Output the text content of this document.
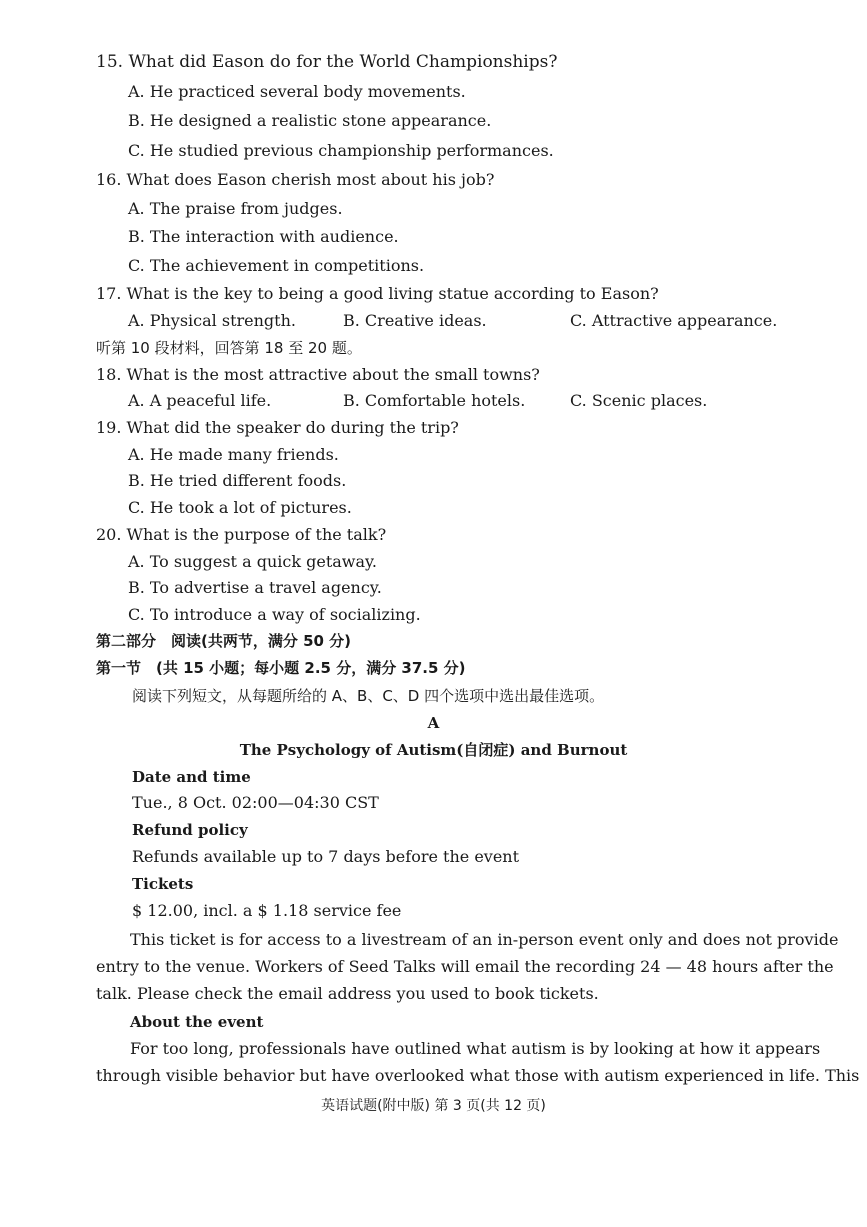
15. What did Eason do for the World Championships?
A. He practiced several body movements.
B. He designed a realistic stone appearance.
C. He studied previous championship performances.
16. What does Eason cherish most about his job?
A. The praise from judges.
B. The interaction with audience.
C. The achievement in competitions.
17. What is the key to being a good living statue according to Eason?
A. Physical strength.	B. Creative ideas.	C. Attractive appearance.
听第 10 段材料，回答第 18 至 20 题。
18. What is the most attractive about the small towns?
A. A peaceful life.	B. Comfortable hotels.	C. Scenic places.
19. What did the speaker do during the trip?
A. He made many friends.
B. He tried different foods.
C. He took a lot of pictures.
20. What is the purpose of the talk?
A. To suggest a quick getaway.
B. To advertise a travel agency.
C. To introduce a way of socializing.
第二部分　阅读(共两节，满分 50 分)
第一节　(共 15 小题；每小题 2.5 分，满分 37.5 分)
阅读下列短文，从每题所给的 A、B、C、D 四个选项中选出最佳选项。
A
The Psychology of Autism(自闭症) and Burnout
Date and time
Tue., 8 Oct. 02:00—04:30 CST
Refund policy
Refunds available up to 7 days before the event
Tickets
$ 12.00, incl. a $ 1.18 service fee
This ticket is for access to a livestream of an in-person event only and does not provide
entry to the venue. Workers of Seed Talks will email the recording 24 — 48 hours after the
talk. Please check the email address you used to book tickets.
About the event
For too long, professionals have outlined what autism is by looking at how it appears
through visible behavior but have overlooked what those with autism experienced in life. This
英语试题(附中版) 第 3 页(共 12 页)
